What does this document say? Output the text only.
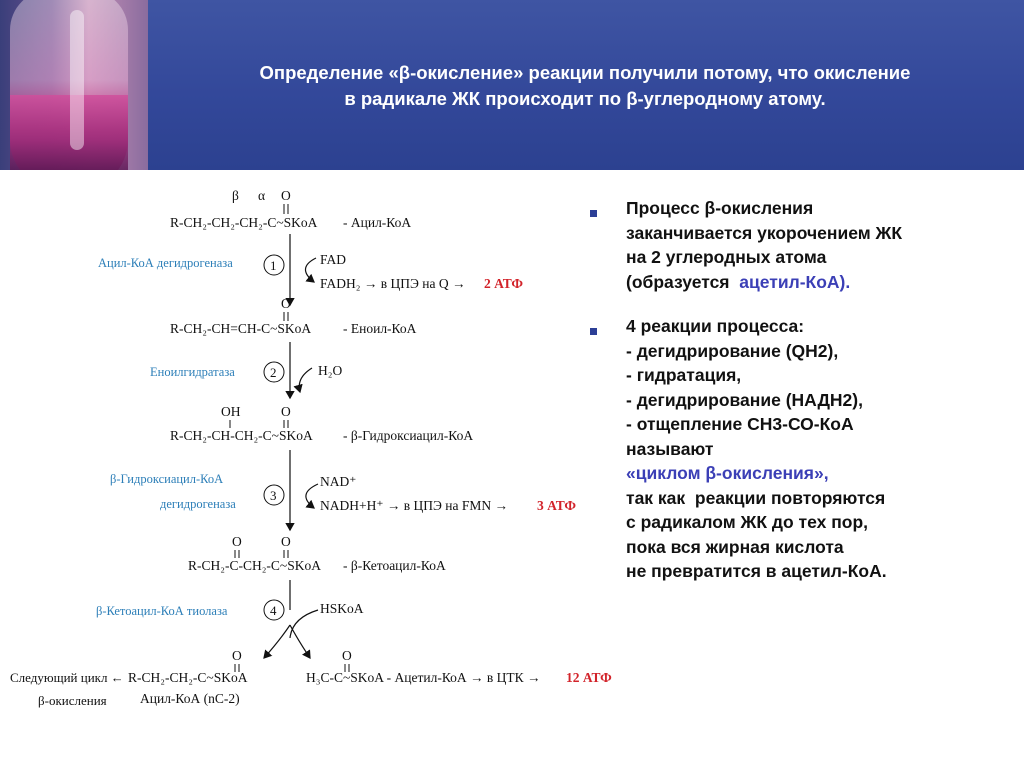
Определение «β-окисление» реакции получили потому, что окисление
в радикале ЖК происходит по β-углеродному атому.
β α O
R-CH₂-CH₂-CH₂-C~SKoA - Ацил-КоА
Ацил-КоА дегидрогеназа	1	FAD
FADH₂ → в ЦПЭ на Q → 2 АТФ
O
R-CH₂-CH=CH-C~SKoA - Еноил-КоА
Еноилгидратаза	2	H₂O
OH	O
R-CH₂-CH-CH₂-C~SKoA - β-Гидроксиацил-КоА
β-Гидроксиацил-КоА
дегидрогеназа
3
NAD⁺
NADH+H⁺ → в ЦПЭ на FMN → 3 АТФ
O	O
R-CH₂-C-CH₂-C~SKoA - β-Кетоацил-КоА
β-Кетоацил-КоА тиолаза	4	HSKoA
O
Следующий цикл ←
β-окисления
R-CH₂-CH₂-C~SKoA
Ацил-КоА (nC-2)
O
H₃C-C~SKoA - Ацетил-КоА → в ЦТК → 12 АТФ
Процесс β-окисления
заканчивается укорочением ЖК
на 2 углеродных атома
(образуется  ацетил-КоА).
4 реакции процесса:
- дегидрирование (QH2),
- гидратация,
- дегидрирование (НАДН2),
- отщепление СН3-СО-КоА
называют
«циклом β-окисления»,
так как  реакции повторяются
с радикалом ЖК до тех пор,
пока вся жирная кислота
не превратится в ацетил-КоА.
